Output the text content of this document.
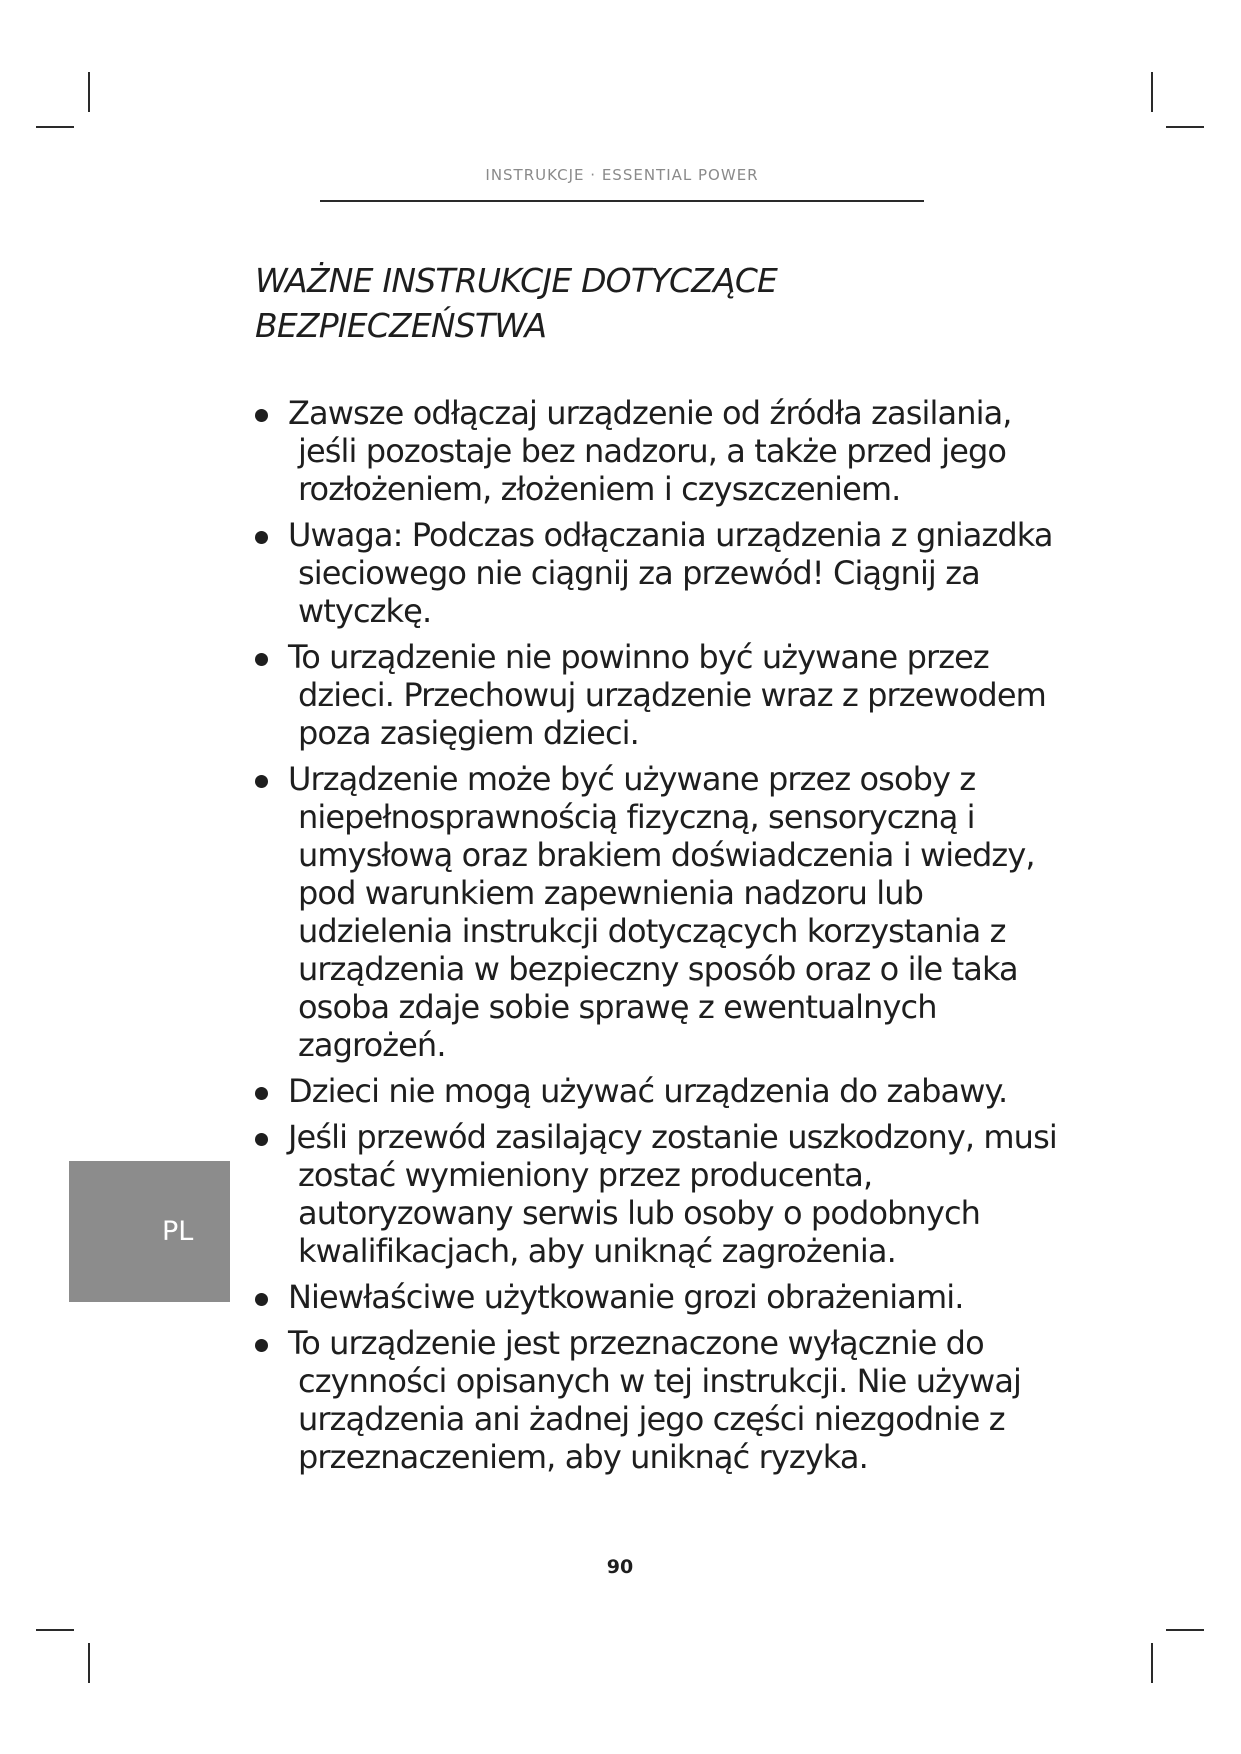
INSTRUKCJE · ESSENTIAL POWER
WAŻNE INSTRUKCJE DOTYCZĄCE
BEZPIECZEŃSTWA
Zawsze odłączaj urządzenie od źródła zasilania, jeśli pozostaje bez nadzoru, a także przed jego rozłożeniem, złożeniem i czyszczeniem.
Uwaga: Podczas odłączania urządzenia z gniazdka sieciowego nie ciągnij za przewód! Ciągnij za wtyczkę.
To urządzenie nie powinno być używane przez dzieci. Przechowuj urządzenie wraz z przewodem poza zasięgiem dzieci.
Urządzenie może być używane przez osoby z niepełnosprawnością fizyczną, sensoryczną i umysłową oraz brakiem doświadczenia i wiedzy, pod warunkiem zapewnienia nadzoru lub udzielenia instrukcji dotyczących korzystania z urządzenia w bezpieczny sposób oraz o ile taka osoba zdaje sobie sprawę z ewentualnych zagrożeń.
Dzieci nie mogą używać urządzenia do zabawy.
Jeśli przewód zasilający zostanie uszkodzony, musi zostać wymieniony przez producenta, autoryzowany serwis lub osoby o podobnych kwalifikacjach, aby uniknąć zagrożenia.
Niewłaściwe użytkowanie grozi obrażeniami.
To urządzenie jest przeznaczone wyłącznie do czynności opisanych w tej instrukcji. Nie używaj urządzenia ani żadnej jego części niezgodnie z przeznaczeniem, aby uniknąć ryzyka.
PL
90
